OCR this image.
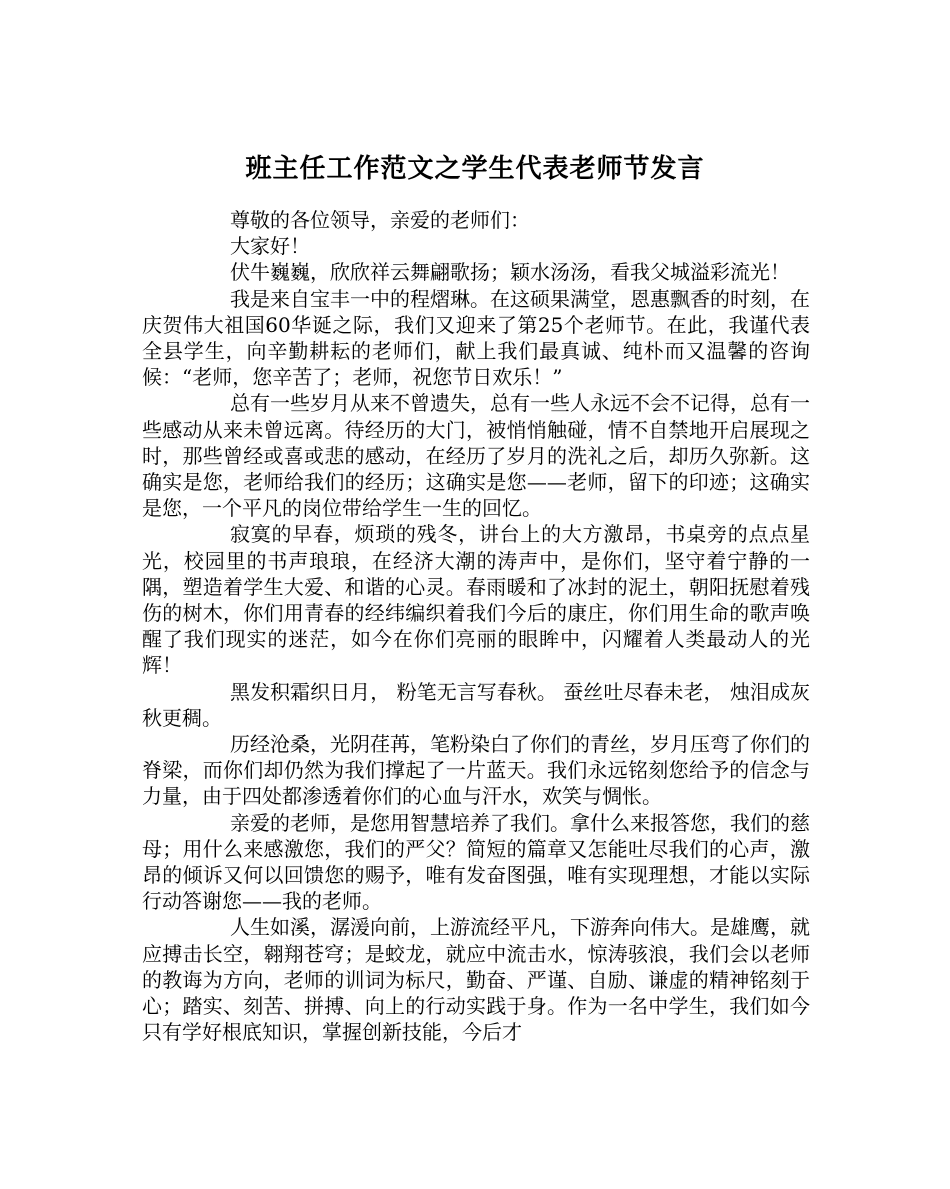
班主任工作范文之学生代表老师节发言

尊敬的各位领导，亲爱的老师们：

大家好！

伏牛巍巍，欣欣祥云舞翩歌扬；颖水汤汤，看我父城溢彩流光！

我是来自宝丰一中的程熠琳。在这硕果满堂，恩惠飘香的时刻，在庆贺伟大祖国60华诞之际，我们又迎来了第25个老师节。在此，我谨代表全县学生，向辛勤耕耘的老师们，献上我们最真诚、纯朴而又温馨的咨询候：“老师，您辛苦了；老师，祝您节日欢乐！”

总有一些岁月从来不曾遗失，总有一些人永远不会不记得，总有一些感动从来未曾远离。待经历的大门，被悄悄触碰，情不自禁地开启展现之时，那些曾经或喜或悲的感动，在经历了岁月的洗礼之后，却历久弥新。这确实是您，老师给我们的经历；这确实是您——老师，留下的印迹；这确实是您，一个平凡的岗位带给学生一生的回忆。

寂寞的早春，烦琐的残冬，讲台上的大方激昂，书桌旁的点点星光，校园里的书声琅琅，在经济大潮的涛声中，是你们，坚守着宁静的一隅，塑造着学生大爱、和谐的心灵。春雨暖和了冰封的泥土，朝阳抚慰着残伤的树木，你们用青春的经纬编织着我们今后的康庄，你们用生命的歌声唤醒了我们现实的迷茫，如今在你们亮丽的眼眸中，闪耀着人类最动人的光辉！

黑发积霜织日月， 粉笔无言写春秋。 蚕丝吐尽春未老， 烛泪成灰秋更稠。

历经沧桑，光阴荏苒，笔粉染白了你们的青丝，岁月压弯了你们的脊梁，而你们却仍然为我们撑起了一片蓝天。我们永远铭刻您给予的信念与力量，由于四处都渗透着你们的心血与汗水，欢笑与惆怅。

亲爱的老师，是您用智慧培养了我们。拿什么来报答您，我们的慈母；用什么来感激您，我们的严父？简短的篇章又怎能吐尽我们的心声，激昂的倾诉又何以回馈您的赐予，唯有发奋图强，唯有实现理想，才能以实际行动答谢您——我的老师。

人生如溪，潺湲向前，上游流经平凡，下游奔向伟大。是雄鹰，就应搏击长空，翱翔苍穹；是蛟龙，就应中流击水，惊涛骇浪，我们会以老师的教诲为方向，老师的训词为标尺，勤奋、严谨、自励、谦虚的精神铭刻于心；踏实、刻苦、拼搏、向上的行动实践于身。作为一名中学生，我们如今只有学好根底知识，掌握创新技能，今后才
